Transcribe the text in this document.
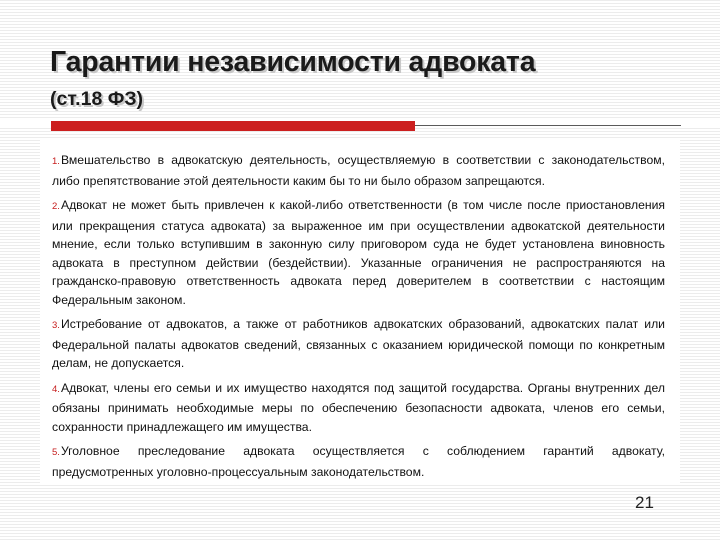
Гарантии независимости адвоката
(ст.18 ФЗ)
1.Вмешательство в адвокатскую деятельность, осуществляемую в соответствии с законодательством, либо препятствование этой деятельности каким бы то ни было образом запрещаются.
2.Адвокат не может быть привлечен к какой-либо ответственности (в том числе после приостановления или прекращения статуса адвоката) за выраженное им при осуществлении адвокатской деятельности мнение, если только вступившим в законную силу приговором суда не будет установлена виновность адвоката в преступном действии (бездействии). Указанные ограничения не распространяются на гражданско-правовую ответственность адвоката перед доверителем в соответствии с настоящим Федеральным законом.
3.Истребование от адвокатов, а также от работников адвокатских образований, адвокатских палат или Федеральной палаты адвокатов сведений, связанных с оказанием юридической помощи по конкретным делам, не допускается.
4.Адвокат, члены его семьи и их имущество находятся под защитой государства. Органы внутренних дел обязаны принимать необходимые меры по обеспечению безопасности адвоката, членов его семьи, сохранности принадлежащего им имущества.
5.Уголовное преследование адвоката осуществляется с соблюдением гарантий адвокату, предусмотренных уголовно-процессуальным законодательством.
21
